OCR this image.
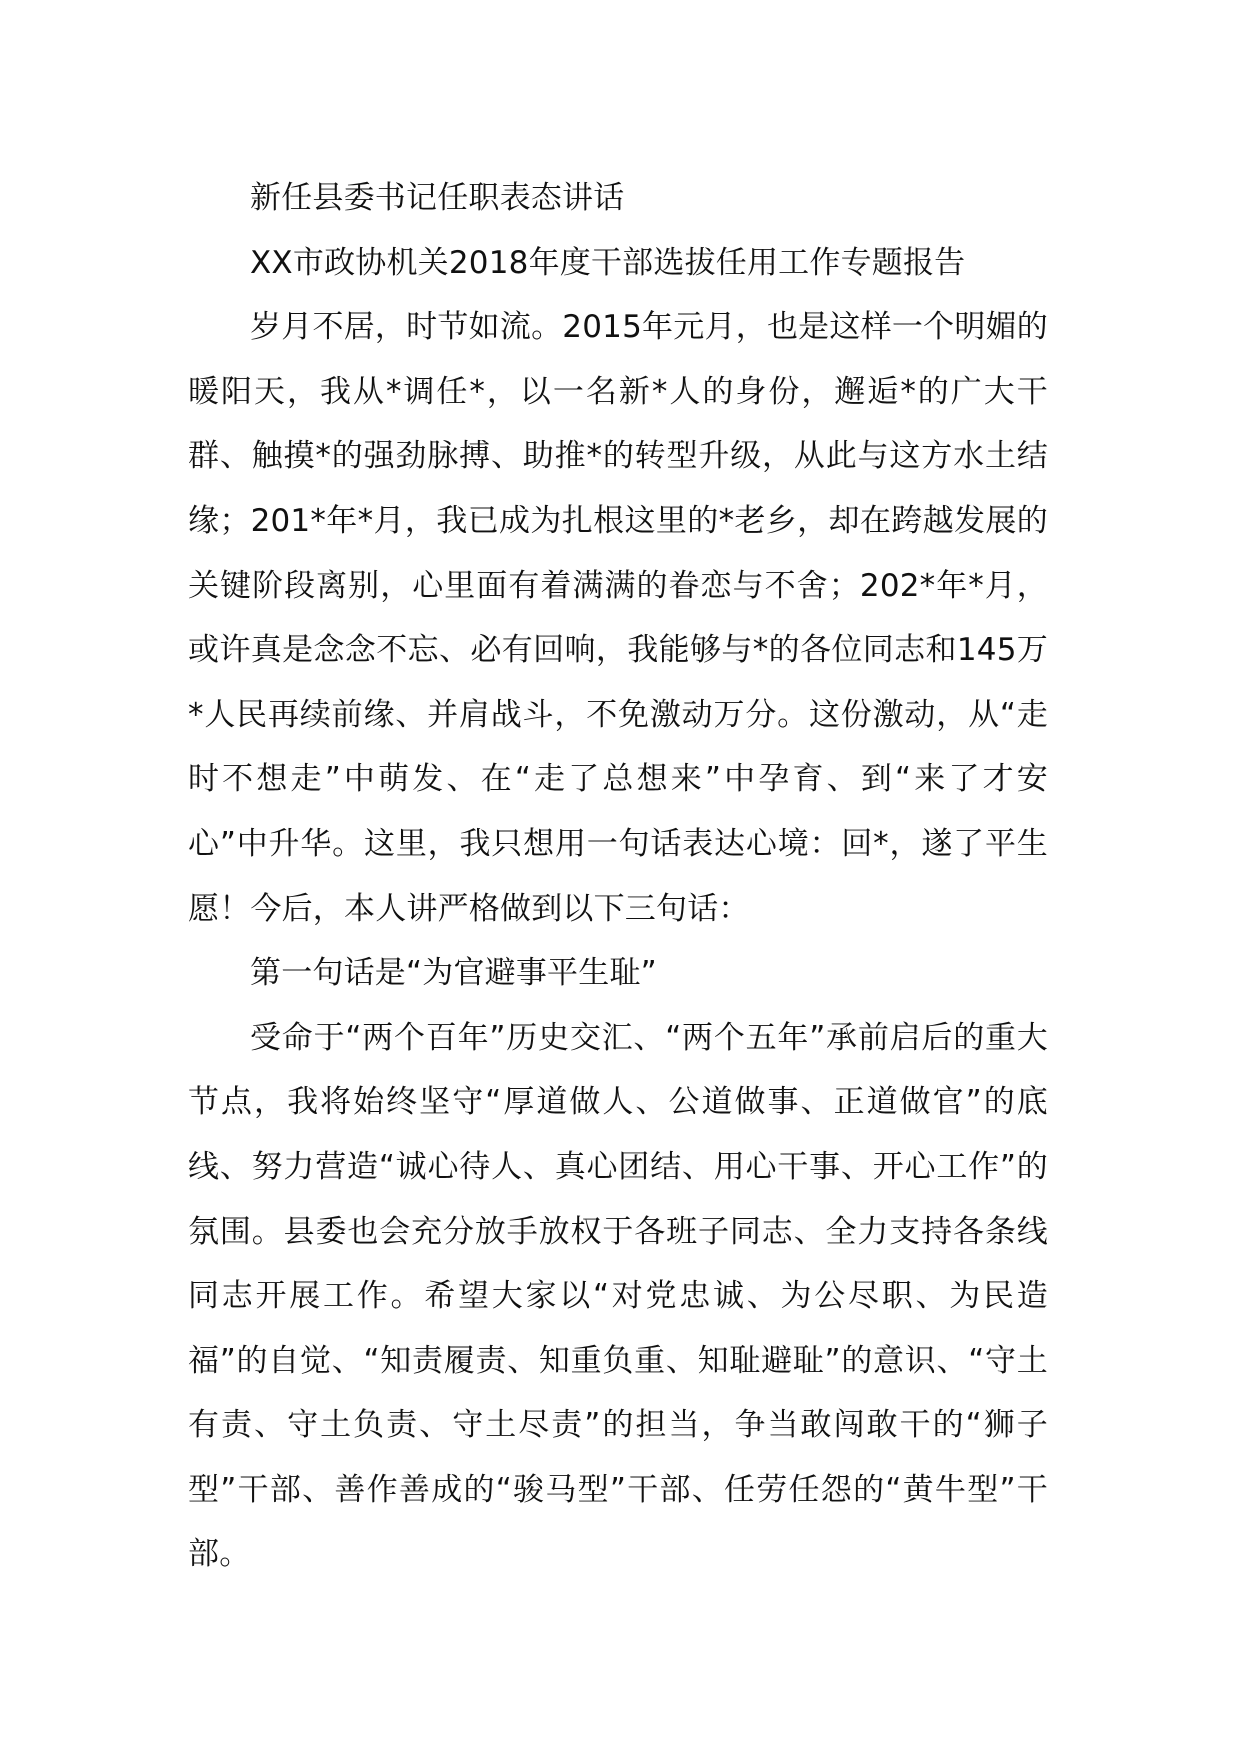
新任县委书记任职表态讲话

XX市政协机关2018年度干部选拔任用工作专题报告

岁月不居，时节如流。2015年元月，也是这样一个明媚的暖阳天，我从*调任*，以一名新*人的身份，邂逅*的广大干群、触摸*的强劲脉搏、助推*的转型升级，从此与这方水土结缘；201*年*月，我已成为扎根这里的*老乡，却在跨越发展的关键阶段离别，心里面有着满满的眷恋与不舍；202*年*月，或许真是念念不忘、必有回响，我能够与*的各位同志和145万*人民再续前缘、并肩战斗，不免激动万分。这份激动，从“走时不想走”中萌发、在“走了总想来”中孕育、到“来了才安心”中升华。这里，我只想用一句话表达心境：回*，遂了平生愿！今后，本人讲严格做到以下三句话：

第一句话是“为官避事平生耻”

受命于“两个百年”历史交汇、“两个五年”承前启后的重大节点，我将始终坚守“厚道做人、公道做事、正道做官”的底线、努力营造“诚心待人、真心团结、用心干事、开心工作”的氛围。县委也会充分放手放权于各班子同志、全力支持各条线同志开展工作。希望大家以“对党忠诚、为公尽职、为民造福”的自觉、“知责履责、知重负重、知耻避耻”的意识、“守土有责、守土负责、守土尽责”的担当，争当敢闯敢干的“狮子型”干部、善作善成的“骏马型”干部、任劳任怨的“黄牛型”干部。
